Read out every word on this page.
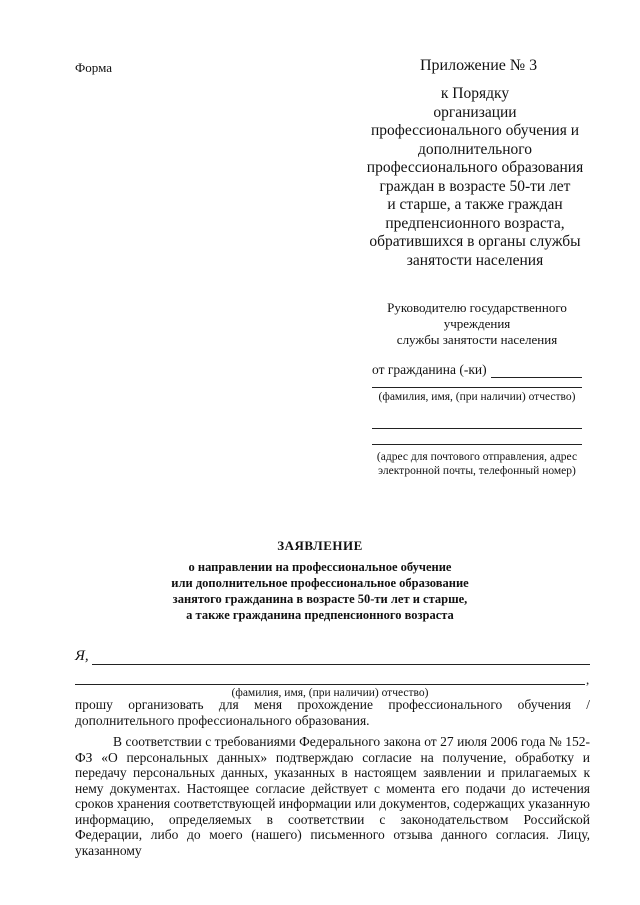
Форма	Приложение № 3
к Порядку
организации
профессионального обучения и
дополнительного
профессионального образования
граждан в возрасте 50-ти лет
и старше, а также граждан
предпенсионного возраста,
обратившихся в органы службы
занятости населения
Руководителю государственного
учреждения
службы занятости населения
от гражданина (-ки)
(фамилия, имя, (при наличии) отчество)
(адрес для почтового отправления, адрес
электронной почты, телефонный номер)
ЗАЯВЛЕНИЕ
о направлении на профессиональное обучение
или дополнительное профессиональное образование
занятого гражданина в возрасте 50-ти лет и старше,
а также гражданина предпенсионного возраста
Я,
,
(фамилия, имя, (при наличии) отчество)

прошу организовать для меня прохождение профессионального обучения /дополнительного профессионального образования.

В соответствии с требованиями Федерального закона от 27 июля 2006 года № 152-ФЗ «О персональных данных» подтверждаю согласие на получение, обработку и передачу персональных данных, указанных в настоящем заявлении и прилагаемых к нему документах. Настоящее согласие действует с момента его подачи до истечения сроков хранения соответствующей информации или документов, содержащих указанную информацию, определяемых в соответствии с законодательством Российской Федерации, либо до моего (нашего) письменного отзыва данного согласия. Лицу, указанному
